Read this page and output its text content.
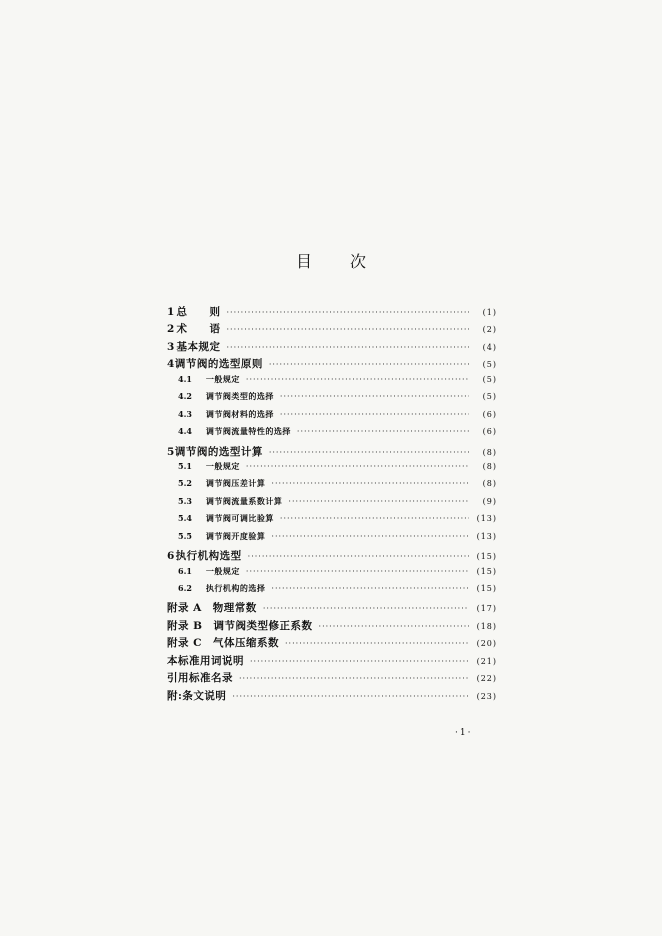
目 次
1 总　　则 ·····	(1)
2 术　　语 ·····	(2)
3 基本规定 ·····	(4)
4 调节阀的选型原则 ·····	(5)
4.1 一般规定 ·····	(5)
4.2 调节阀类型的选择 ·····	(5)
4.3 调节阀材料的选择 ·····	(6)
4.4 调节阀流量特性的选择 ·····	(6)
5 调节阀的选型计算 ·····	(8)
5.1 一般规定 ·····	(8)
5.2 调节阀压差计算 ·····	(8)
5.3 调节阀流量系数计算 ·····	(9)
5.4 调节阀可调比验算 ·····	(13)
5.5 调节阀开度验算 ·····	(13)
6 执行机构选型 ·····	(15)
6.1 一般规定 ·····	(15)
6.2 执行机构的选择 ·····	(15)
附录 A　物理常数 ·····	(17)
附录 B　调节阀类型修正系数 ·····	(18)
附录 C　气体压缩系数 ·····	(20)
本标准用词说明 ·····	(21)
引用标准名录 ·····	(22)
附:条文说明 ·····	(23)
·1·
